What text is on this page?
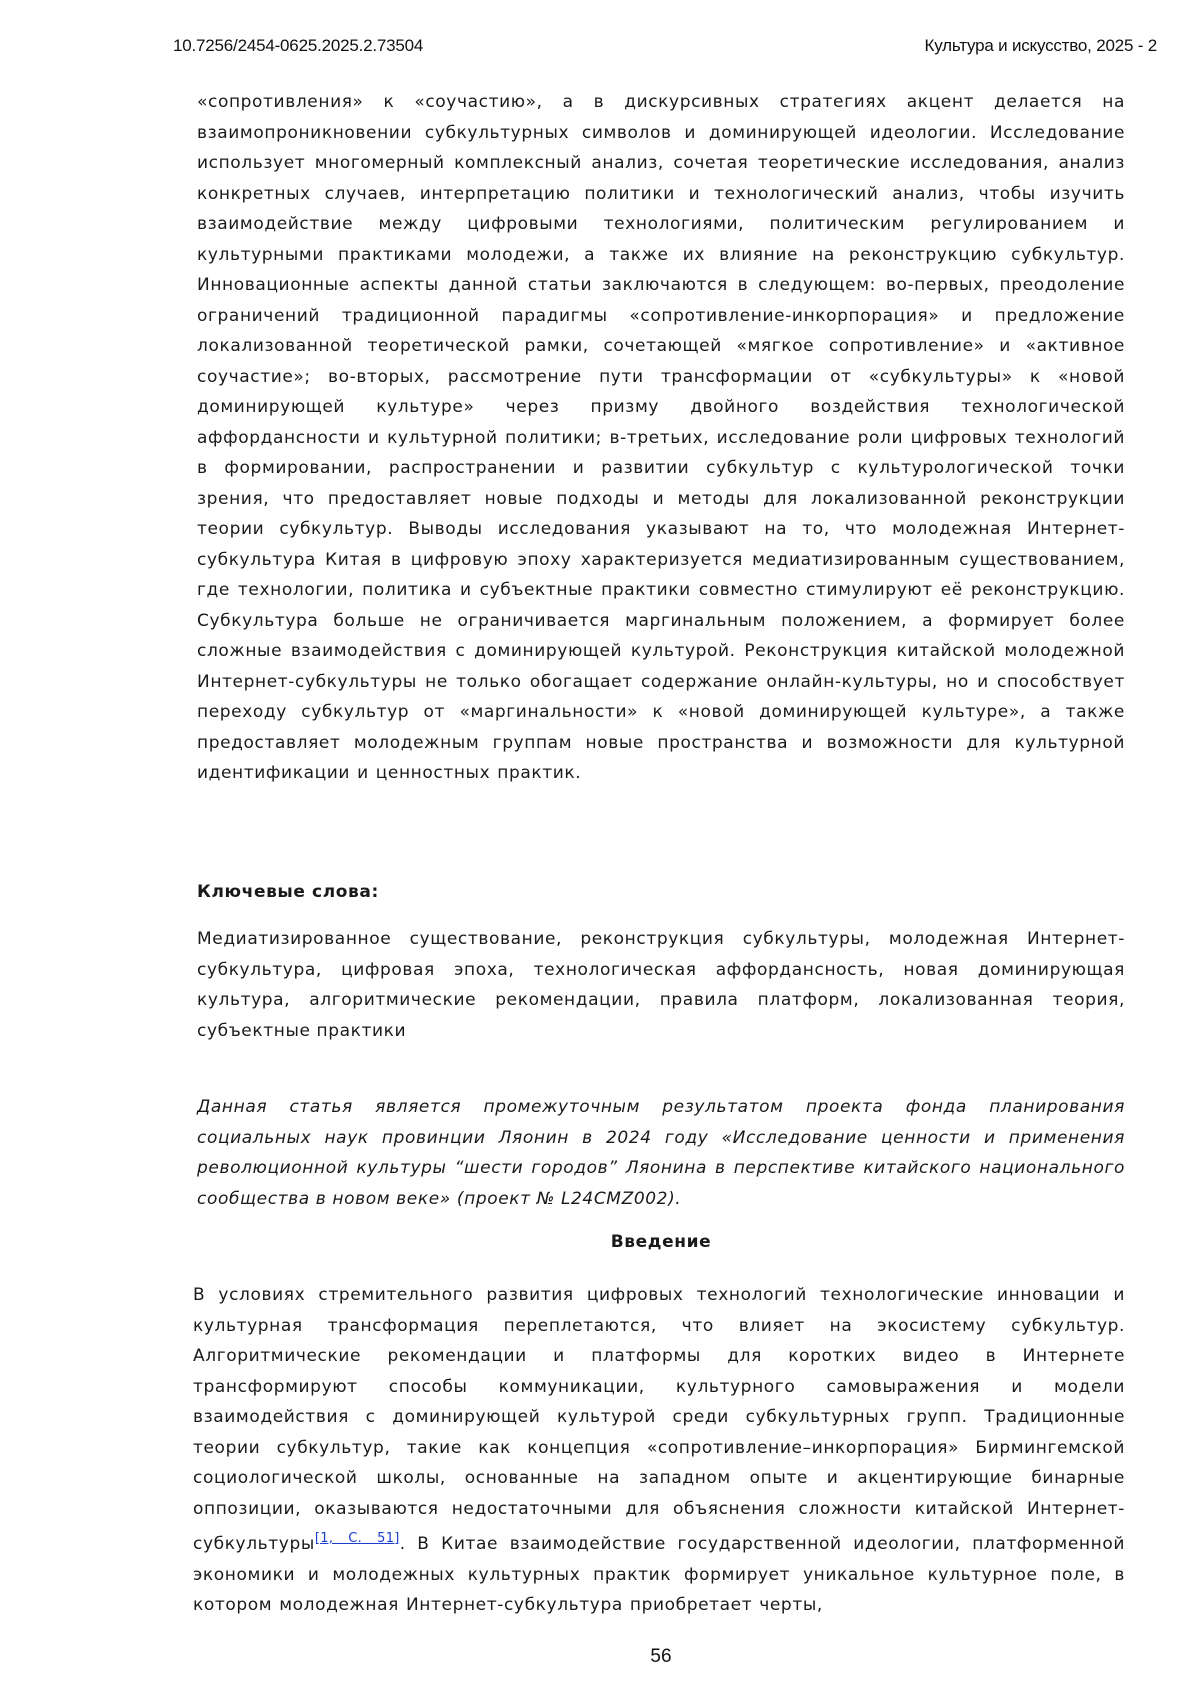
10.7256/2454-0625.2025.2.73504	Культура и искусство, 2025 - 2

«сопротивления» к «соучастию», а в дискурсивных стратегиях акцент делается на взаимопроникновении субкультурных символов и доминирующей идеологии. Исследование использует многомерный комплексный анализ, сочетая теоретические исследования, анализ конкретных случаев, интерпретацию политики и технологический анализ, чтобы изучить взаимодействие между цифровыми технологиями, политическим регулированием и культурными практиками молодежи, а также их влияние на реконструкцию субкультур. Инновационные аспекты данной статьи заключаются в следующем: во-первых, преодоление ограничений традиционной парадигмы «сопротивление-инкорпорация» и предложение локализованной теоретической рамки, сочетающей «мягкое сопротивление» и «активное соучастие»; во-вторых, рассмотрение пути трансформации от «субкультуры» к «новой доминирующей культуре» через призму двойного воздействия технологической аффордансности и культурной политики; в-третьих, исследование роли цифровых технологий в формировании, распространении и развитии субкультур с культурологической точки зрения, что предоставляет новые подходы и методы для локализованной реконструкции теории субкультур. Выводы исследования указывают на то, что молодежная Интернет-субкультура Китая в цифровую эпоху характеризуется медиатизированным существованием, где технологии, политика и субъектные практики совместно стимулируют её реконструкцию. Субкультура больше не ограничивается маргинальным положением, а формирует более сложные взаимодействия с доминирующей культурой. Реконструкция китайской молодежной Интернет-субкультуры не только обогащает содержание онлайн-культуры, но и способствует переходу субкультур от «маргинальности» к «новой доминирующей культуре», а также предоставляет молодежным группам новые пространства и возможности для культурной идентификации и ценностных практик.

Ключевые слова:

Медиатизированное существование, реконструкция субкультуры, молодежная Интернет-субкультура, цифровая эпоха, технологическая аффордансность, новая доминирующая культура, алгоритмические рекомендации, правила платформ, локализованная теория, субъектные практики

Данная статья является промежуточным результатом проекта фонда планирования социальных наук провинции Ляонин в 2024 году «Исследование ценности и применения революционной культуры “шести городов” Ляонина в перспективе китайского национального сообщества в новом веке» (проект № L24CMZ002).

Введение

В условиях стремительного развития цифровых технологий технологические инновации и культурная трансформация переплетаются, что влияет на экосистему субкультур. Алгоритмические рекомендации и платформы для коротких видео в Интернете трансформируют способы коммуникации, культурного самовыражения и модели взаимодействия с доминирующей культурой среди субкультурных групп. Традиционные теории субкультур, такие как концепция «сопротивление–инкорпорация» Бирмингемской социологической школы, основанные на западном опыте и акцентирующие бинарные оппозиции, оказываются недостаточными для объяснения сложности китайской Интернет-субкультуры[1, С. 51]. В Китае взаимодействие государственной идеологии, платформенной экономики и молодежных культурных практик формирует уникальное культурное поле, в котором молодежная Интернет-субкультура приобретает черты,

56
